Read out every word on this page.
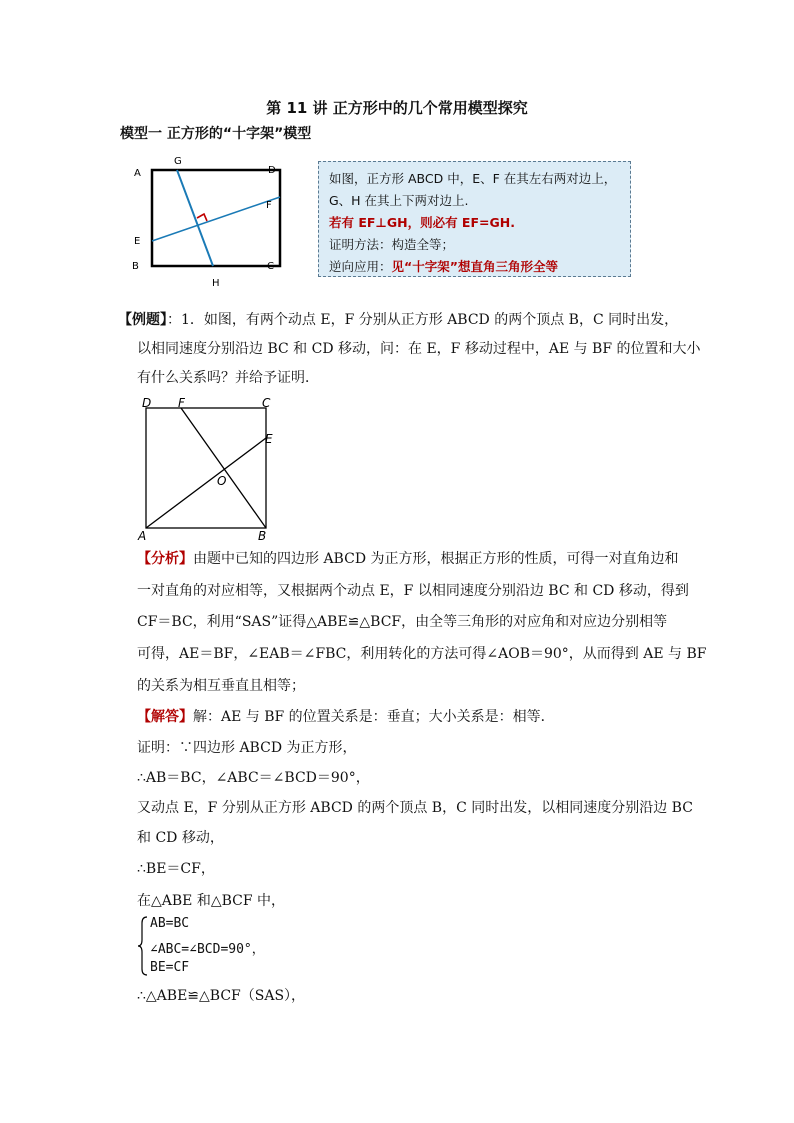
第 11 讲 正方形中的几个常用模型探究
模型一 正方形的“十字架”模型
A
B	C
D
E
F
G
H
如图，正方形 ABCD 中，E、F 在其左右两对边上，
G、H 在其上下两对边上.
若有 EF⊥GH，则必有 EF=GH.
证明方法：构造全等；
逆向应用：见“十字架”想直角三角形全等
【例题】：1．如图，有两个动点 E，F 分别从正方形 ABCD 的两个顶点 B，C 同时出发，
以相同速度分别沿边 BC 和 CD 移动，问：在 E，F 移动过程中，AE 与 BF 的位置和大小
有什么关系吗？并给予证明．
D F	C
E
O
A	B
【分析】由题中已知的四边形 ABCD 为正方形，根据正方形的性质，可得一对直角边和
一对直角的对应相等，又根据两个动点 E，F 以相同速度分别沿边 BC 和 CD 移动，得到
CF＝BC，利用“SAS”证得△ABE≌△BCF，由全等三角形的对应角和对应边分别相等
可得，AE＝BF，∠EAB＝∠FBC，利用转化的方法可得∠AOB＝90°，从而得到 AE 与 BF
的关系为相互垂直且相等；
【解答】解：AE 与 BF 的位置关系是：垂直；大小关系是：相等．
证明：∵四边形 ABCD 为正方形，
∴AB＝BC，∠ABC＝∠BCD＝90°，
又动点 E，F 分别从正方形 ABCD 的两个顶点 B，C 同时出发，以相同速度分别沿边 BC
和 CD 移动，
∴BE＝CF，
在△ABE 和△BCF 中，
AB=BC
∠ABC=∠BCD=90°，
BE=CF
∴△ABE≌△BCF（SAS），
